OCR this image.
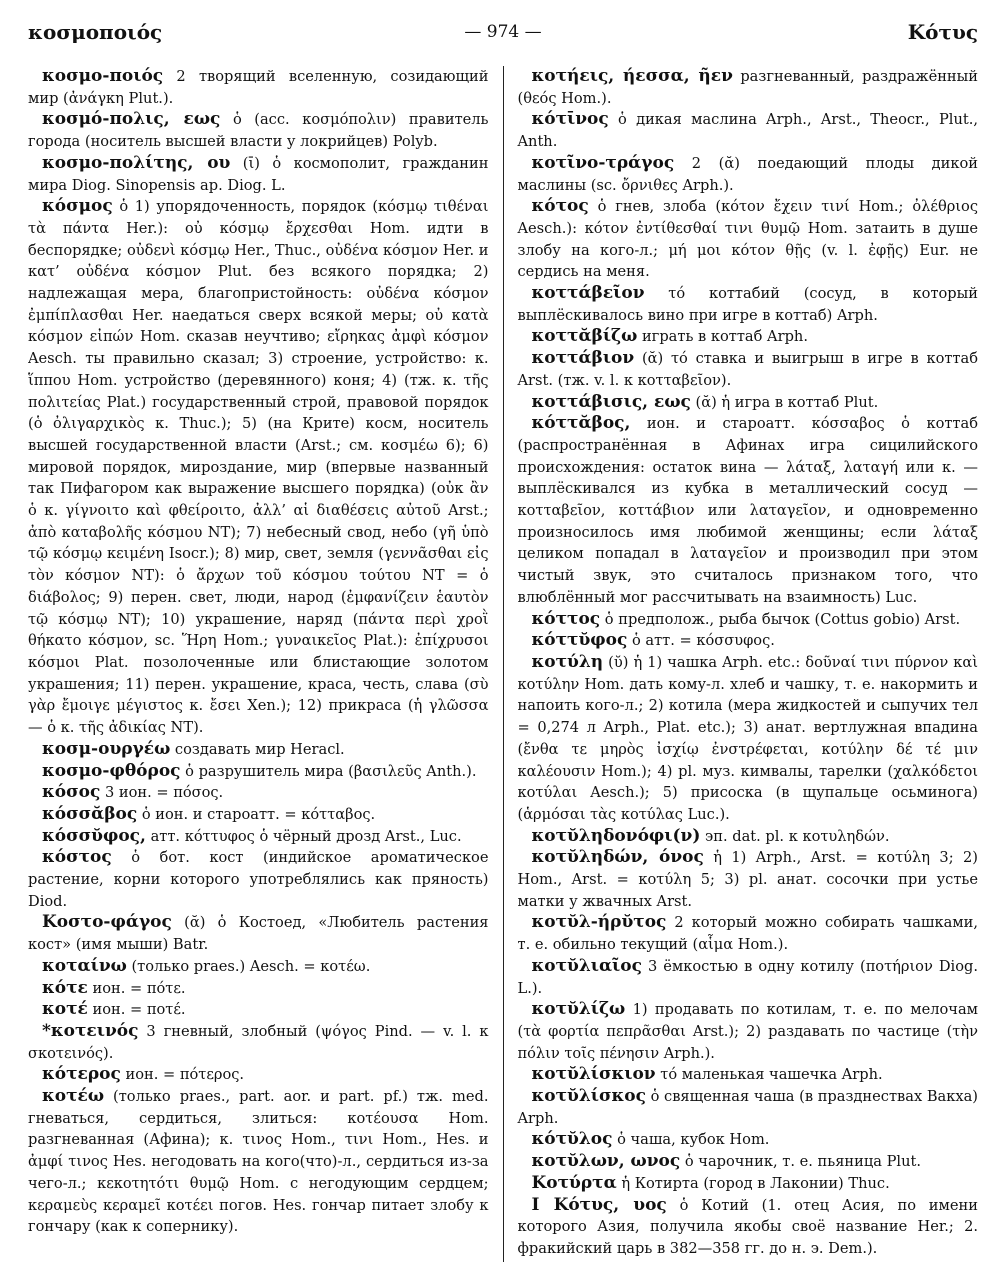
κοσμοποιός	— 974 —	Κότυς

κοσμο-ποιός 2 творящий вселенную, созидающий мир (ἀνάγκη Plut.).

κοσμό-πολις, εως ὁ (acc. κοσμόπολιν) правитель города (носитель высшей власти у локрийцев) Polyb.

κοσμο-πολίτης, ου (ῑ) ὁ космополит, гражданин мира Diog. Sinopensis ap. Diog. L.

κόσμος ὁ 1) упорядоченность, порядок (κόσμῳ τιθέναι τὰ πάντα Her.): οὐ κόσμῳ ἔρχεσθαι Hom. идти в беспорядке; οὐδενὶ κόσμῳ Her., Thuc., οὐδένα κόσμον Her. и κατ’ οὐδένα κόσμον Plut. без всякого порядка; 2) надлежащая мера, благопристойность: οὐδένα κόσμον ἐμπίπλασθαι Her. наедаться сверх всякой меры; οὐ κατὰ κόσμον εἰπών Hom. сказав неучтиво; εἴρηκας ἀμφὶ κόσμον Aesch. ты правильно сказал; 3) строение, устройство: κ. ἵππου Hom. устройство (деревянного) коня; 4) (тж. κ. τῆς πολιτείας Plat.) государственный строй, правовой порядок (ὁ ὀλιγαρχικὸς κ. Thuc.); 5) (на Крите) косм, носитель высшей государственной власти (Arst.; см. κοσμέω 6); 6) мировой порядок, мироздание, мир (впервые названный так Пифагором как выражение высшего порядка) (οὐκ ἂν ὁ κ. γίγνοιτο καὶ φθείροιτο, ἀλλ’ αἱ διαθέσεις αὐτοῦ Arst.; ἀπὸ καταβολῆς κόσμου NT); 7) небесный свод, небо (γῆ ὑπὸ τῷ κόσμῳ κειμένη Isocr.); 8) мир, свет, земля (γεννᾶσθαι εἰς τὸν κόσμον NT): ὁ ἄρχων τοῦ κόσμου τούτου NT = ὁ διάβολος; 9) перен. свет, люди, народ (ἐμφανίζειν ἑαυτὸν τῷ κόσμῳ NT); 10) украшение, наряд (πάντα περὶ χροῒ θήκατο κόσμον, sc. Ἥρη Hom.; γυναικεῖος Plat.): ἐπίχρυσοι κόσμοι Plat. позолоченные или блистающие золотом украшения; 11) перен. украшение, краса, честь, слава (σὺ γὰρ ἔμοιγε μέγιστος κ. ἔσει Xen.); 12) прикраса (ἡ γλῶσσα — ὁ κ. τῆς ἀδικίας NT).

κοσμ-ουργέω создавать мир Heracl.

κοσμο-φθόρος ὁ разрушитель мира (βασιλεῦς Anth.).

κόσος 3 ион. = πόσος.

κόσσᾰβος ὁ ион. и староатт. = κότταβος.

κόσσῠφος, атт. κόττυφος ὁ чёрный дрозд Arst., Luc.

κόστος ὁ бот. кост (индийское ароматическое растение, корни которого употреблялись как пряность) Diod.

Κοστο-φάγος (ᾰ) ὁ Костоед, «Любитель растения кост» (имя мыши) Batr.

κοταίνω (только praes.) Aesch. = κοτέω.

κότε ион. = πότε.

κοτέ ион. = ποτέ.

*κοτεινός 3 гневный, злобный (ψόγος Pind. — v. l. к σκοτεινός).

κότερος ион. = πότερος.

κοτέω (только praes., part. aor. и part. pf.) тж. med. гневаться, сердиться, злиться: κοτέουσα Hom. разгневанная (Афина); κ. τινος Hom., τινι Hom., Hes. и ἀμφί τινος Hes. негодовать на кого(что)-л., сердиться из-за чего-л.; κεκοτητότι θυμῷ Hom. с негодующим сердцем; κεραμεὺς κεραμεῖ κοτέει погов. Hes. гончар питает злобу к гончару (как к сопернику).

κοτήεις, ήεσσα, ῆεν разгневанный, раздражённый (θεός Hom.).

κότῑνος ὁ дикая маслина Arph., Arst., Theocr., Plut., Anth.

κοτῖνο-τράγος 2 (ᾰ) поедающий плоды дикой маслины (sc. ὄρνιθες Arph.).

κότος ὁ гнев, злоба (κότον ἔχειν τινί Hom.; ὀλέθριος Aesch.): κότον ἐντίθεσθαί τινι θυμῷ Hom. затаить в душе злобу на кого-л.; μή μοι κότον θῇς (v. l. ἐφῇς) Eur. не сердись на меня.

κοττάβεῖον τό коттабий (сосуд, в который выплёскивалось вино при игре в коттаб) Arph.

κοττᾰβίζω играть в коттаб Arph.

κοττάβιον (ᾰ) τό ставка и выигрыш в игре в коттаб Arst. (тж. v. l. к κοτταβεῖον).

κοττάβισις, εως (ᾰ) ἡ игра в коттаб Plut.

κόττᾰβος, ион. и староатт. κόσσαβος ὁ коттаб (распространённая в Афинах игра сицилийского происхождения: остаток вина — λάταξ, λαταγή или κ. — выплёскивался из кубка в металлический сосуд — κοτταβεῖον, κοττάβιον или λαταγεῖον, и одновременно произносилось имя любимой женщины; если λάταξ целиком попадал в λαταγεῖον и производил при этом чистый звук, это считалось признаком того, что влюблённый мог рассчитывать на взаимность) Luc.

κόττος ὁ предполож., рыба бычок (Cottus gobio) Arst.

κόττῠφος ὁ атт. = κόσσυφος.

κοτύλη (ῠ) ἡ 1) чашка Arph. etc.: δοῦναί τινι πύρνον καὶ κοτύλην Hom. дать кому-л. хлеб и чашку, т. е. накормить и напоить кого-л.; 2) котила (мера жидкостей и сыпучих тел = 0,274 л Arph., Plat. etc.); 3) анат. вертлужная впадина (ἔνθα τε μηρὸς ἰσχίῳ ἐνστρέφεται, κοτύλην δέ τέ μιν καλέουσιν Hom.); 4) pl. муз. кимвалы, тарелки (χαλκόδετοι κοτύλαι Aesch.); 5) присоска (в щупальце осьминога) (ἁρμόσαι τὰς κοτύλας Luc.).

κοτῠληδονόφι(ν) эп. dat. pl. к κοτυληδών.

κοτῠληδών, όνος ἡ 1) Arph., Arst. = κοτύλη 3; 2) Hom., Arst. = κοτύλη 5; 3) pl. анат. сосочки при устье матки у жвачных Arst.

κοτῠλ-ήρῠτος 2 который можно собирать чашками, т. е. обильно текущий (αἷμα Hom.).

κοτῠλιαῖος 3 ёмкостью в одну котилу (ποτήριον Diog. L.).

κοτῠλίζω 1) продавать по котилам, т. е. по мелочам (τὰ φορτία πεπρᾶσθαι Arst.); 2) раздавать по частице (τὴν πόλιν τοῖς πένησιν Arph.).

κοτῠλίσκιον τό маленькая чашечка Arph.

κοτῠλίσκος ὁ священная чаша (в празднествах Вакха) Arph.

κότῠλος ὁ чаша, кубок Hom.

κοτῠλων, ωνος ὁ чарочник, т. е. пьяница Plut.

Κοτύρτα ἡ Котирта (город в Лаконии) Thuc.

I Κότυς, υος ὁ Котий (1. отец Асия, по имени которого Азия, получила якобы своё название Her.; 2. фракийский царь в 382—358 гг. до н. э. Dem.).
